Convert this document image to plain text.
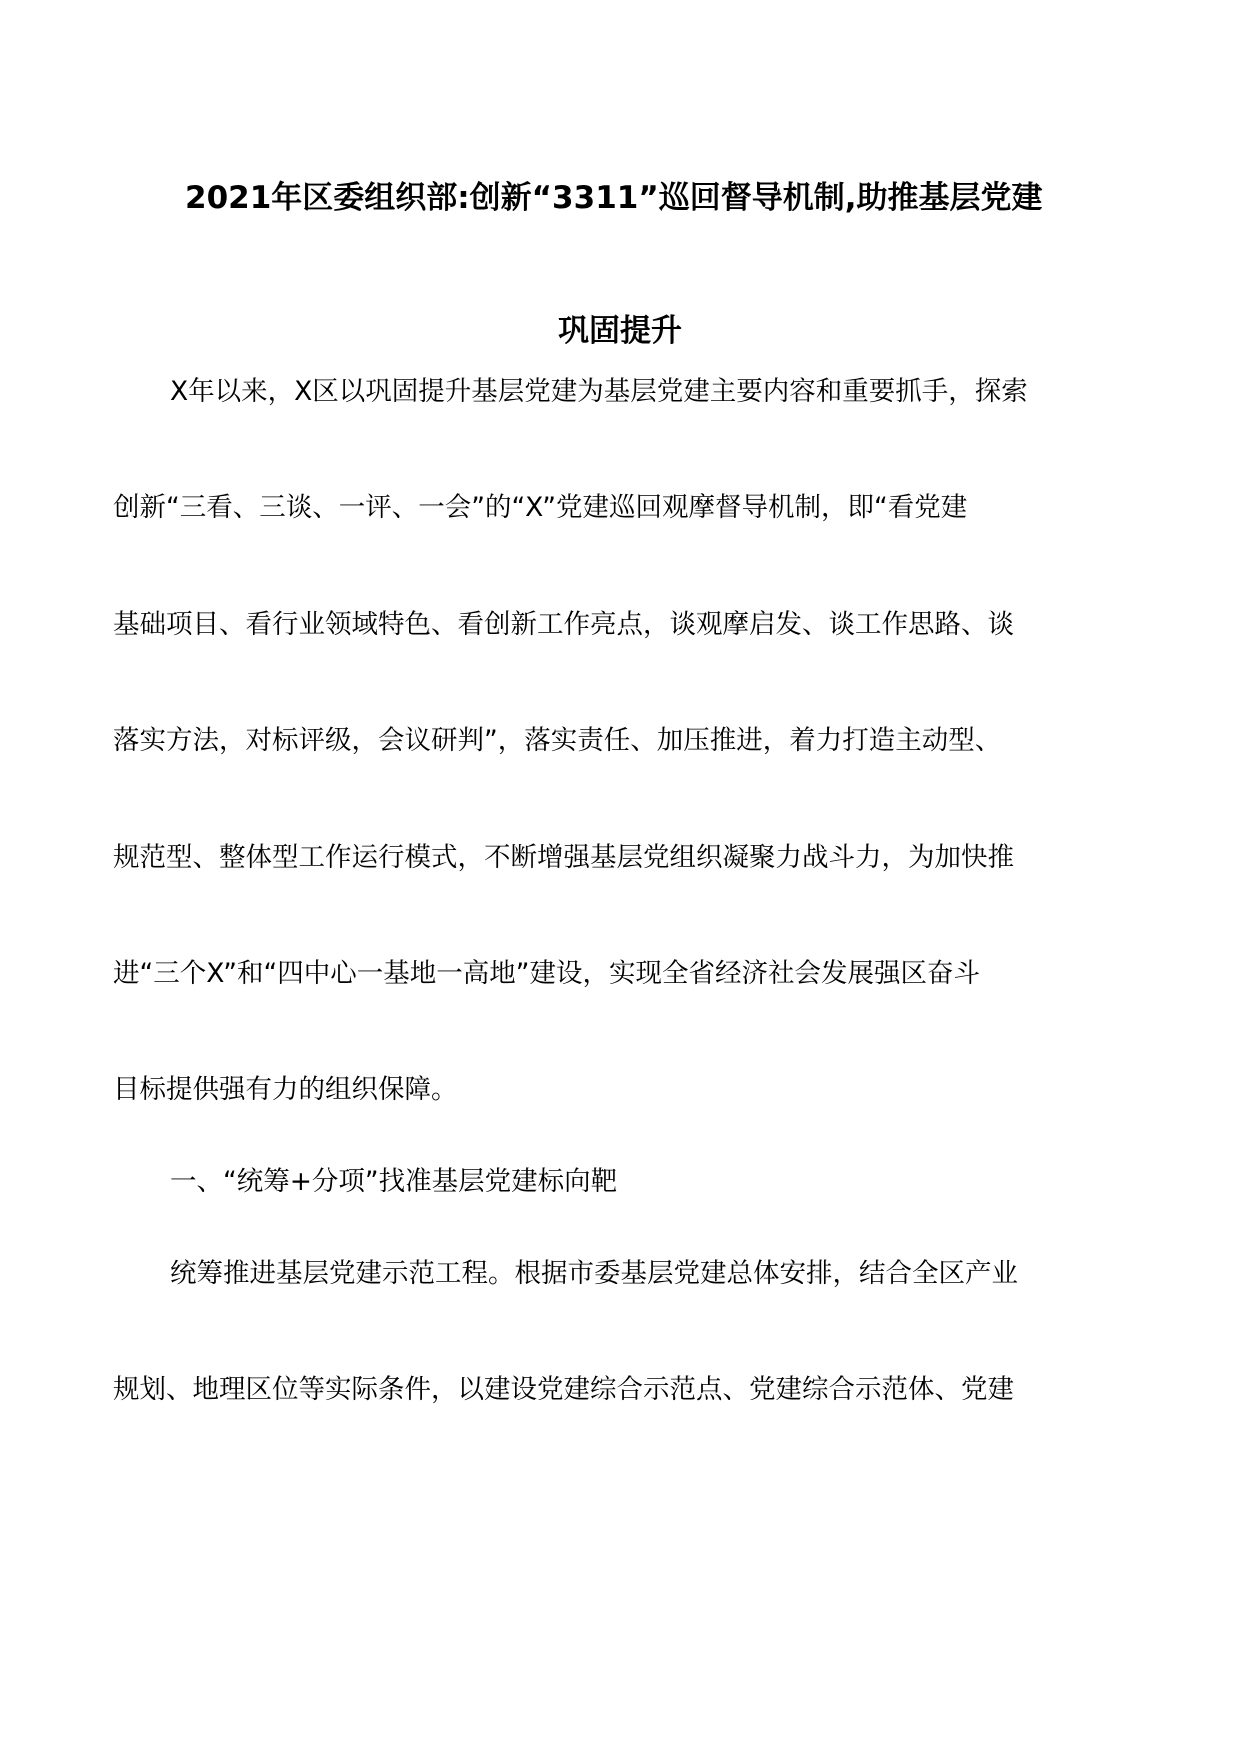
2021年区委组织部:创新“3311”巡回督导机制,助推基层党建
巩固提升
X年以来，X区以巩固提升基层党建为基层党建主要内容和重要抓手，探索
创新“三看、三谈、一评、一会”的“X”党建巡回观摩督导机制，即“看党建
基础项目、看行业领域特色、看创新工作亮点，谈观摩启发、谈工作思路、谈
落实方法，对标评级，会议研判”，落实责任、加压推进，着力打造主动型、
规范型、整体型工作运行模式，不断增强基层党组织凝聚力战斗力，为加快推
进“三个X”和“四中心一基地一高地”建设，实现全省经济社会发展强区奋斗
目标提供强有力的组织保障。
一、“统筹+分项”找准基层党建标向靶
统筹推进基层党建示范工程。根据市委基层党建总体安排，结合全区产业
规划、地理区位等实际条件，以建设党建综合示范点、党建综合示范体、党建
